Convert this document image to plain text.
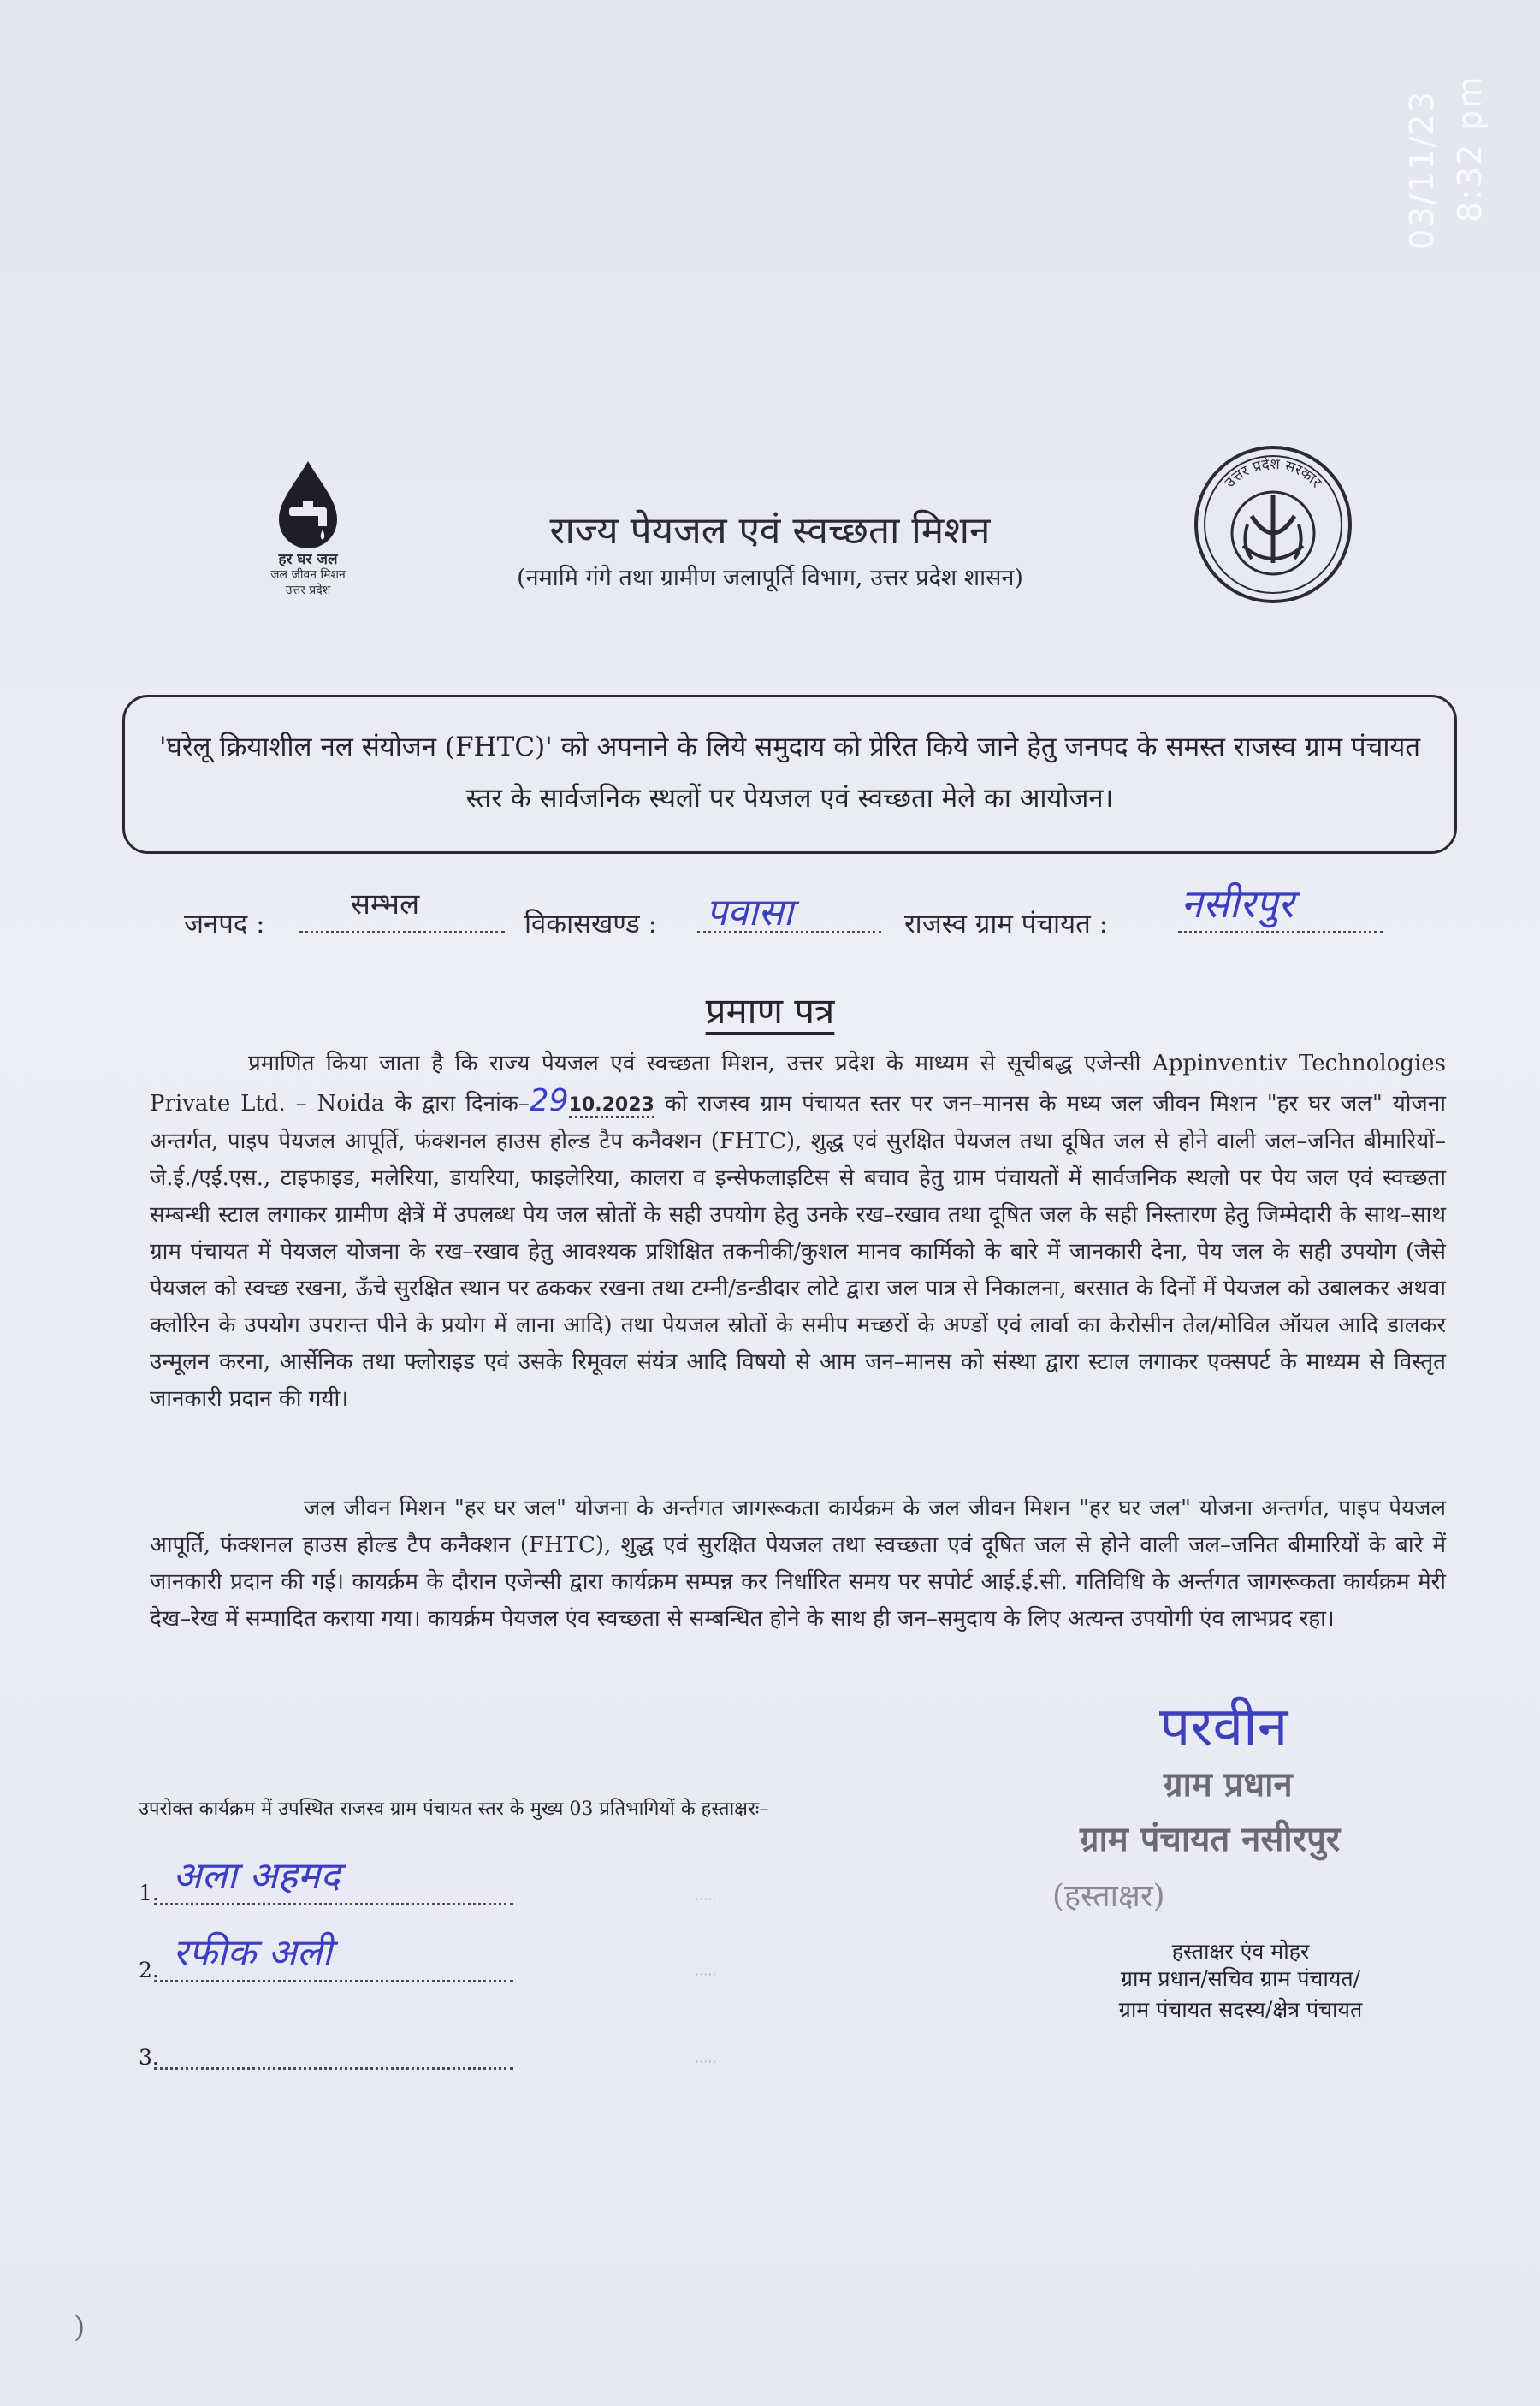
03/11/23 8:32 pm
हर घर जल
जल जीवन मिशन
उत्तर प्रदेश
राज्य पेयजल एवं स्वच्छता मिशन
(नमामि गंगे तथा ग्रामीण जलापूर्ति विभाग, उत्तर प्रदेश शासन)
उत्तर प्रदेश सरकार
'घरेलू क्रियाशील नल संयोजन (FHTC)' को अपनाने के लिये समुदाय को प्रेरित किये जाने हेतु जनपद के समस्त राजस्व ग्राम पंचायत स्तर के सार्वजनिक स्थलों पर पेयजल एवं स्वच्छता मेले का आयोजन।
जनपद :
सम्भल
विकासखण्ड : पवासा	राजस्व ग्राम पंचायत : नसीरपुर
प्रमाण पत्र
प्रमाणित किया जाता है कि राज्य पेयजल एवं स्वच्छता मिशन, उत्तर प्रदेश के माध्यम से सूचीबद्ध एजेन्सी Appinventiv Technologies Private Ltd. – Noida के द्वारा दिनांक–2910.2023 को राजस्व ग्राम पंचायत स्तर पर जन–मानस के मध्य जल जीवन मिशन "हर घर जल" योजना अन्तर्गत, पाइप पेयजल आपूर्ति, फंक्शनल हाउस होल्ड टैप कनैक्शन (FHTC), शुद्ध एवं सुरक्षित पेयजल तथा दूषित जल से होने वाली जल–जनित बीमारियों–जे.ई./एई.एस., टाइफाइड, मलेरिया, डायरिया, फाइलेरिया, कालरा व इन्सेफलाइटिस से बचाव हेतु ग्राम पंचायतों में सार्वजनिक स्थलो पर पेय जल एवं स्वच्छता सम्बन्धी स्टाल लगाकर ग्रामीण क्षेत्रें में उपलब्ध पेय जल स्रोतों के सही उपयोग हेतु उनके रख–रखाव तथा दूषित जल के सही निस्तारण हेतु जिम्मेदारी के साथ–साथ ग्राम पंचायत में पेयजल योजना के रख–रखाव हेतु आवश्यक प्रशिक्षित तकनीकी/कुशल मानव कार्मिको के बारे में जानकारी देना, पेय जल के सही उपयोग (जैसे पेयजल को स्वच्छ रखना, ऊँचे सुरक्षित स्थान पर ढककर रखना तथा टम्नी/डन्डीदार लोटे द्वारा जल पात्र से निकालना, बरसात के दिनों में पेयजल को उबालकर अथवा क्लोरिन के उपयोग उपरान्त पीने के प्रयोग में लाना आदि) तथा पेयजल स्रोतों के समीप मच्छरों के अण्डों एवं लार्वा का केरोसीन तेल/मोविल ऑयल आदि डालकर उन्मूलन करना, आर्सेनिक तथा फ्लोराइड एवं उसके रिमूवल संयंत्र आदि विषयो से आम जन–मानस को संस्था द्वारा स्टाल लगाकर एक्सपर्ट के माध्यम से विस्तृत जानकारी प्रदान की गयी।
जल जीवन मिशन "हर घर जल" योजना के अर्न्तगत जागरूकता कार्यक्रम के जल जीवन मिशन "हर घर जल" योजना अन्तर्गत, पाइप पेयजल आपूर्ति, फंक्शनल हाउस होल्ड टैप कनैक्शन (FHTC), शुद्ध एवं सुरक्षित पेयजल तथा स्वच्छता एवं दूषित जल से होने वाली जल–जनित बीमारियों के बारे में जानकारी प्रदान की गई। कायर्क्रम के दौरान एजेन्सी द्वारा कार्यक्रम सम्पन्न कर निर्धारित समय पर सपोर्ट आई.ई.सी. गतिविधि के अर्न्तगत जागरूकता कार्यक्रम मेरी देख–रेख में सम्पादित कराया गया। कायर्क्रम पेयजल एंव स्वच्छता से सम्बन्धित होने के साथ ही जन–समुदाय के लिए अत्यन्त उपयोगी एंव लाभप्रद रहा।
परवीन
ग्राम प्रधान
ग्राम पंचायत नसीरपुर
(हस्ताक्षर)
हस्ताक्षर एंव मोहर
ग्राम प्रधान/सचिव ग्राम पंचायत/
ग्राम पंचायत सदस्य/क्षेत्र पंचायत
उपरोक्त कार्यक्रम में उपस्थित राजस्व ग्राम पंचायत स्तर के मुख्य 03 प्रतिभागियों के हस्ताक्षरः–
1. अला अहमद
2. रफीक अली
3.
·····
·····
·····
)
